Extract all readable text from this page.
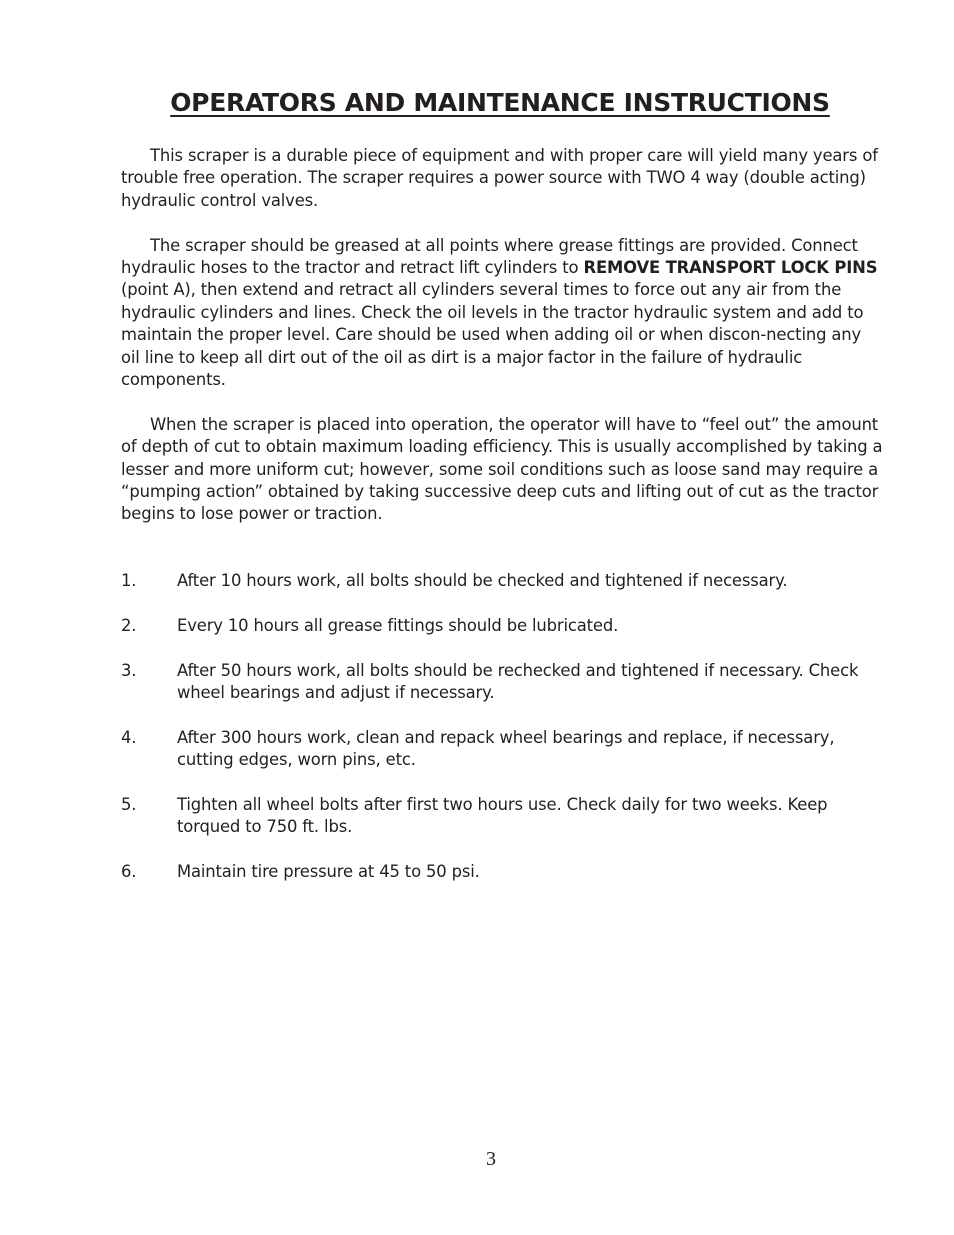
OPERATORS AND MAINTENANCE INSTRUCTIONS

This scraper is a durable piece of equipment and with proper care will yield many years of trouble free operation. The scraper requires a power source with TWO 4 way (double acting) hydraulic control valves.

The scraper should be greased at all points where grease fittings are provided. Connect hydraulic hoses to the tractor and retract lift cylinders to REMOVE TRANSPORT LOCK PINS (point A), then extend and retract all cylinders several times to force out any air from the hydraulic cylinders and lines. Check the oil levels in the tractor hydraulic system and add to maintain the proper level. Care should be used when adding oil or when discon-necting any oil line to keep all dirt out of the oil as dirt is a major factor in the failure of hydraulic components.

When the scraper is placed into operation, the operator will have to “feel out” the amount of depth of cut to obtain maximum loading efficiency. This is usually accomplished by taking a lesser and more uniform cut; however, some soil conditions such as loose sand may require a “pumping action” obtained by taking successive deep cuts and lifting out of cut as the tractor begins to lose power or traction.

1.	After 10 hours work, all bolts should be checked and tightened if necessary.
2.	Every 10 hours all grease fittings should be lubricated.
3.	After 50 hours work, all bolts should be rechecked and tightened if necessary. Check wheel bearings and adjust if necessary.
4.	After 300 hours work, clean and repack wheel bearings and replace, if necessary, cutting edges, worn pins, etc.
5.	Tighten all wheel bolts after first two hours use. Check daily for two weeks. Keep torqued to 750 ft. lbs.
6.	Maintain tire pressure at 45 to 50 psi.

3
